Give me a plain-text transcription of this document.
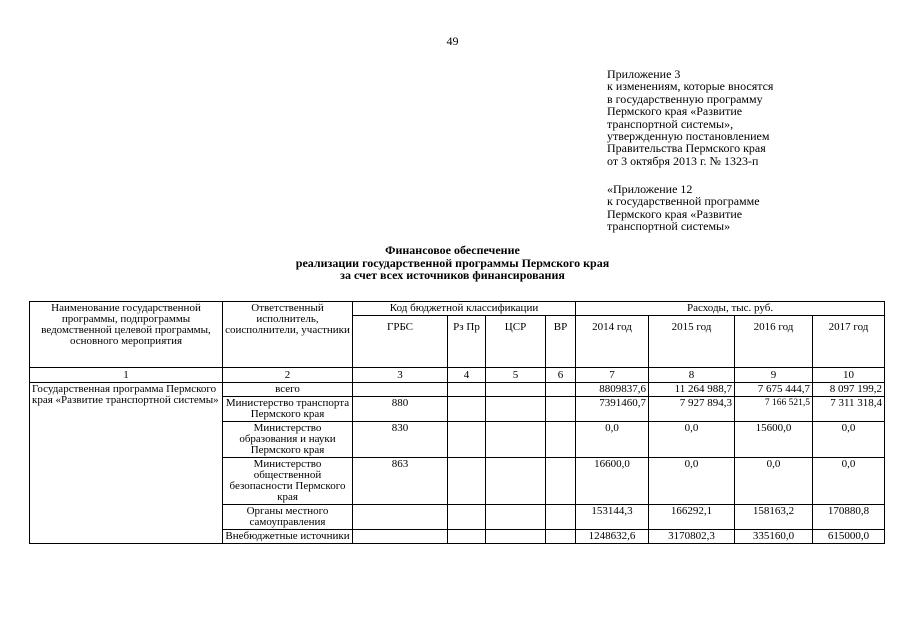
49
Приложение 3
к изменениям, которые вносятся
в государственную программу
Пермского края «Развитие
транспортной системы»,
утвержденную постановлением
Правительства Пермского края
от 3 октября 2013 г. № 1323-п
«Приложение 12
к государственной программе
Пермского края «Развитие
транспортной системы»
Финансовое обеспечение
реализации государственной программы Пермского края
за счет всех источников финансирования
Наименование государственной программы, подпрограммы ведомственной целевой программы, основного мероприятия	Ответственный исполнитель, соисполнители, участники	Код бюджетной классификации				Расходы, тыс. руб.			
		ГРБС	Рз Пр	ЦСР	ВР	2014 год	2015 год	2016 год	2017 год
1	2	3	4	5	6	7	8	9	10
Государственная программа Пермского края «Развитие транспортной системы»	всего					8809837,6	11 264 988,7	7 675 444,7	8 097 199,2
	Министерство транспорта Пермского края	880				7391460,7	7 927 894,3	7 166 521,5	7 311 318,4
	Министерство образования и науки Пермского края	830				0,0	0,0	15600,0	0,0
	Министерство общественной безопасности Пермского края	863				16600,0	0,0	0,0	0,0
	Органы местного самоуправления					153144,3	166292,1	158163,2	170880,8
	Внебюджетные источники					1248632,6	3170802,3	335160,0	615000,0
